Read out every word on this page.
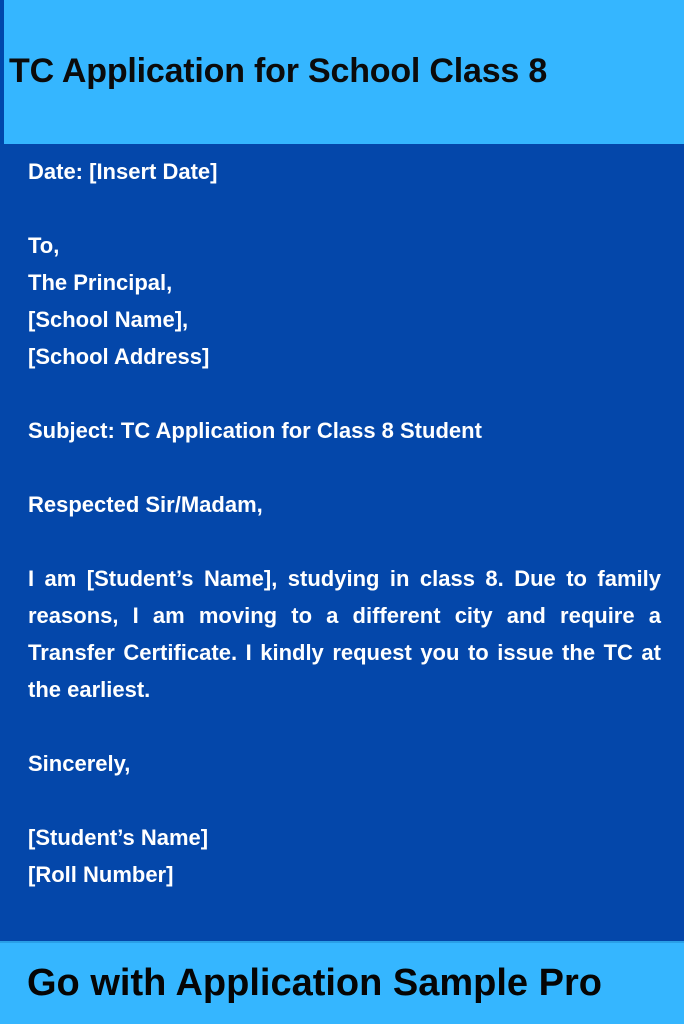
TC Application for School Class 8
Date: [Insert Date]
To,
The Principal,
[School Name],
[School Address]
Subject: TC Application for Class 8 Student
Respected Sir/Madam,
I am [Student’s Name], studying in class 8. Due to family reasons, I am moving to a different city and require a Transfer Certificate. I kindly request you to issue the TC at the earliest.
Sincerely,
[Student’s Name]
[Roll Number]

Go with Application Sample Pro
